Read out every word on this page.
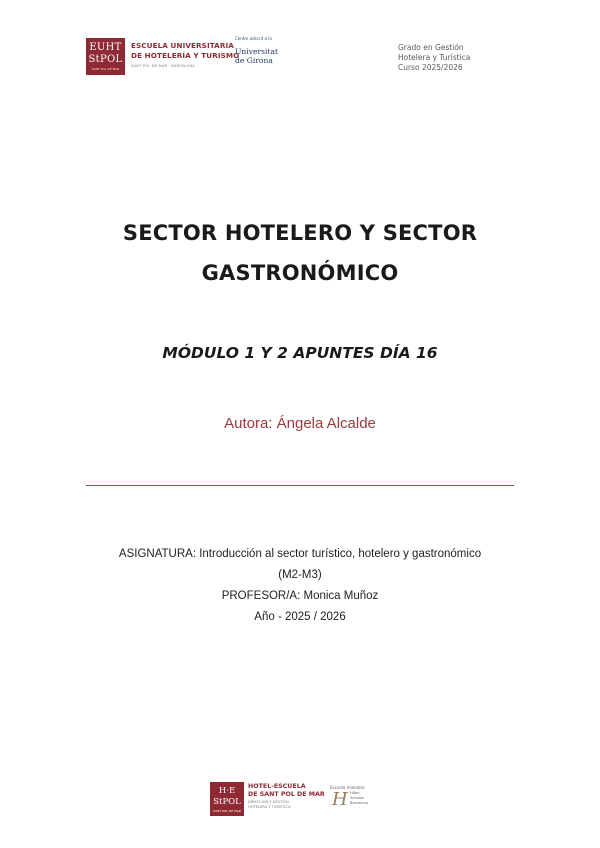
EUHT
StPOL
SANT POL DE MAR
ESCUELA UNIVERSITARIA
DE HOTELERÍA Y TURISMO
SANT POL DE MAR · BARCELONA
Centre adscrit a la
Universitat
de Girona
Grado en Gestión
Hotelera y Turística
Curso 2025/2026
SECTOR HOTELERO Y SECTOR
GASTRONÓMICO
MÓDULO 1 Y 2 APUNTES DÍA 16
Autora: Ángela Alcalde
ASIGNATURA: Introducción al sector turístico, hotelero y gastronómico
(M2-M3)
PROFESOR/A: Monica Muñoz
Año - 2025 / 2026
H·E
StPOL
SANT POL DE MAR
HOTEL-ESCUELA
DE SANT POL DE MAR
DIRECCIÓN Y GESTIÓN
HOTELERA Y TURÍSTICA
Escuela miembro
H Hôtel
Schools
Barcelona
